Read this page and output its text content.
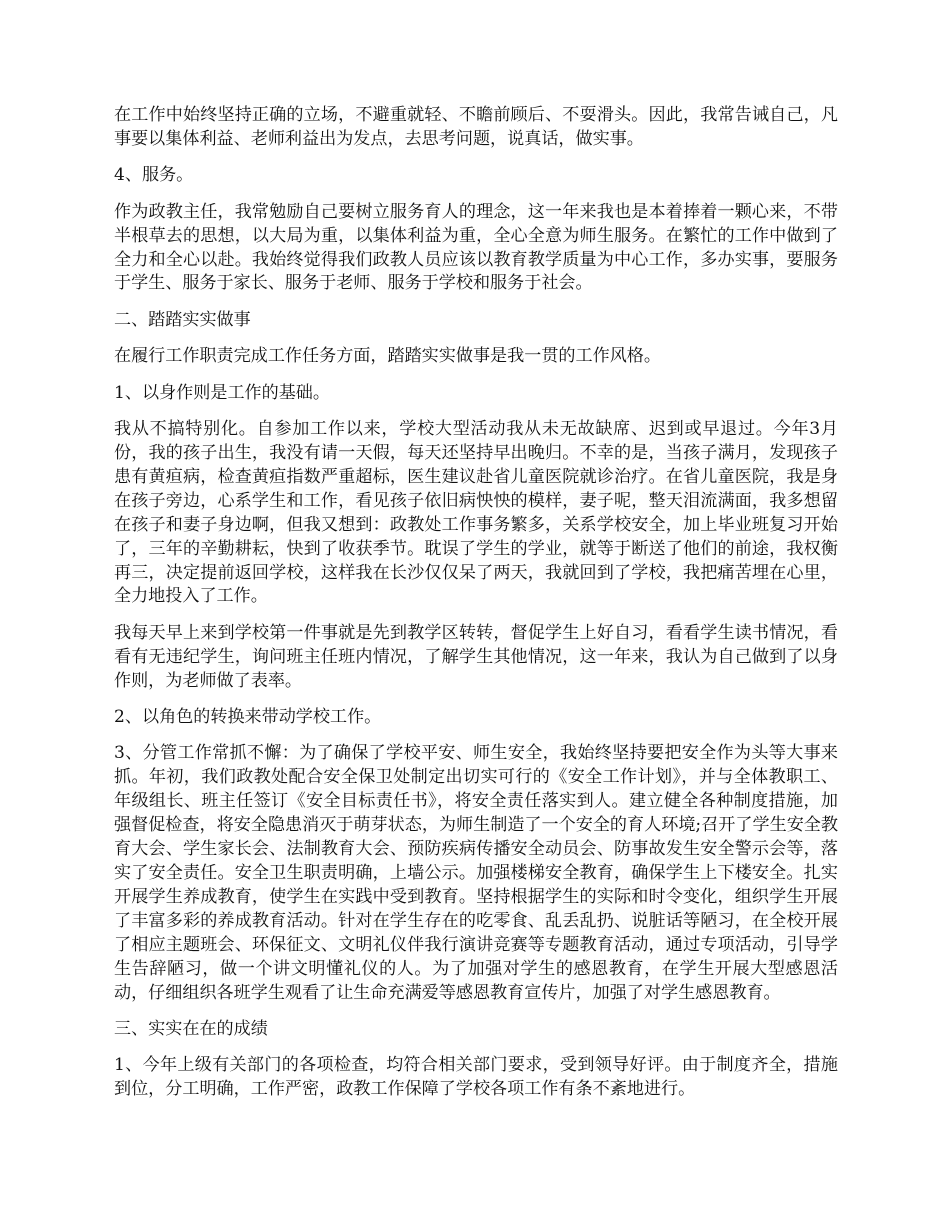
在工作中始终坚持正确的立场，不避重就轻、不瞻前顾后、不耍滑头。因此，我常告诫自己，凡事要以集体利益、老师利益出为发点，去思考问题，说真话，做实事。

4、服务。

作为政教主任，我常勉励自己要树立服务育人的理念，这一年来我也是本着捧着一颗心来，不带半根草去的思想，以大局为重，以集体利益为重，全心全意为师生服务。在繁忙的工作中做到了全力和全心以赴。我始终觉得我们政教人员应该以教育教学质量为中心工作，多办实事，要服务于学生、服务于家长、服务于老师、服务于学校和服务于社会。

二、踏踏实实做事

在履行工作职责完成工作任务方面，踏踏实实做事是我一贯的工作风格。

1、以身作则是工作的基础。

我从不搞特别化。自参加工作以来，学校大型活动我从未无故缺席、迟到或早退过。今年3月份，我的孩子出生，我没有请一天假，每天还坚持早出晚归。不幸的是，当孩子满月，发现孩子患有黄疸病，检查黄疸指数严重超标，医生建议赴省儿童医院就诊治疗。在省儿童医院，我是身在孩子旁边，心系学生和工作，看见孩子依旧病怏怏的模样，妻子呢，整天泪流满面，我多想留在孩子和妻子身边啊，但我又想到：政教处工作事务繁多，关系学校安全，加上毕业班复习开始了，三年的辛勤耕耘，快到了收获季节。耽误了学生的学业，就等于断送了他们的前途，我权衡再三，决定提前返回学校，这样我在长沙仅仅呆了两天，我就回到了学校，我把痛苦埋在心里，全力地投入了工作。

我每天早上来到学校第一件事就是先到教学区转转，督促学生上好自习，看看学生读书情况，看看有无违纪学生，询问班主任班内情况，了解学生其他情况，这一年来，我认为自己做到了以身作则，为老师做了表率。

2、以角色的转换来带动学校工作。

3、分管工作常抓不懈：为了确保了学校平安、师生安全，我始终坚持要把安全作为头等大事来抓。年初，我们政教处配合安全保卫处制定出切实可行的《安全工作计划》，并与全体教职工、年级组长、班主任签订《安全目标责任书》，将安全责任落实到人。建立健全各种制度措施，加强督促检查，将安全隐患消灭于萌芽状态，为师生制造了一个安全的育人环境;召开了学生安全教育大会、学生家长会、法制教育大会、预防疾病传播安全动员会、防事故发生安全警示会等，落实了安全责任。安全卫生职责明确，上墙公示。加强楼梯安全教育，确保学生上下楼安全。扎实开展学生养成教育，使学生在实践中受到教育。坚持根据学生的实际和时令变化，组织学生开展了丰富多彩的养成教育活动。针对在学生存在的吃零食、乱丢乱扔、说脏话等陋习，在全校开展了相应主题班会、环保征文、文明礼仪伴我行演讲竞赛等专题教育活动，通过专项活动，引导学生告辞陋习，做一个讲文明懂礼仪的人。为了加强对学生的感恩教育，在学生开展大型感恩活动，仔细组织各班学生观看了让生命充满爱等感恩教育宣传片，加强了对学生感恩教育。

三、实实在在的成绩

1、今年上级有关部门的各项检查，均符合相关部门要求，受到领导好评。由于制度齐全，措施到位，分工明确，工作严密，政教工作保障了学校各项工作有条不紊地进行。
